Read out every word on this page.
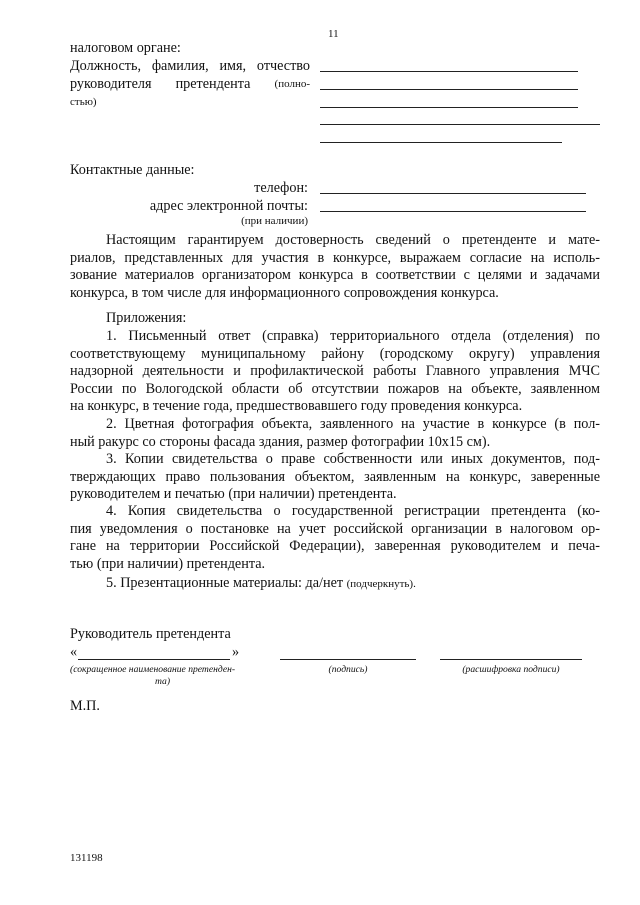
11
налоговом органе:
Должность, фамилия, имя, отчество
руководителя претендента (полно-
стью)
Контактные данные:
телефон:
адрес электронной почты:
(при наличии)
Настоящим гарантируем достоверность сведений о претенденте и мате-
риалов, представленных для участия в конкурсе, выражаем согласие на исполь-
зование материалов организатором конкурса в соответствии с целями и задачами
конкурса, в том числе для информационного сопровождения конкурса.
Приложения:
1. Письменный ответ (справка) территориального отдела (отделения) по
соответствующему муниципальному району (городскому округу) управления
надзорной деятельности и профилактической работы Главного управления МЧС
России по Вологодской области об отсутствии пожаров на объекте, заявленном
на конкурс, в течение года, предшествовавшего году проведения конкурса.
2. Цветная фотография объекта, заявленного на участие в конкурсе (в пол-
ный ракурс со стороны фасада здания, размер фотографии 10х15 см).
3. Копии свидетельства о праве собственности или иных документов, под-
тверждающих право пользования объектом, заявленным на конкурс, заверенные
руководителем и печатью (при наличии) претендента.
4. Копия свидетельства о государственной регистрации претендента (ко-
пия уведомления о постановке на учет российской организации в налоговом ор-
гане на территории Российской Федерации), заверенная руководителем и печа-
тью (при наличии) претендента.
5. Презентационные материалы: да/нет (подчеркнуть).
Руководитель претендента
«	»
(сокращенное наименование претенден-
та)
(подпись)	(расшифровка подписи)
М.П.
131198
